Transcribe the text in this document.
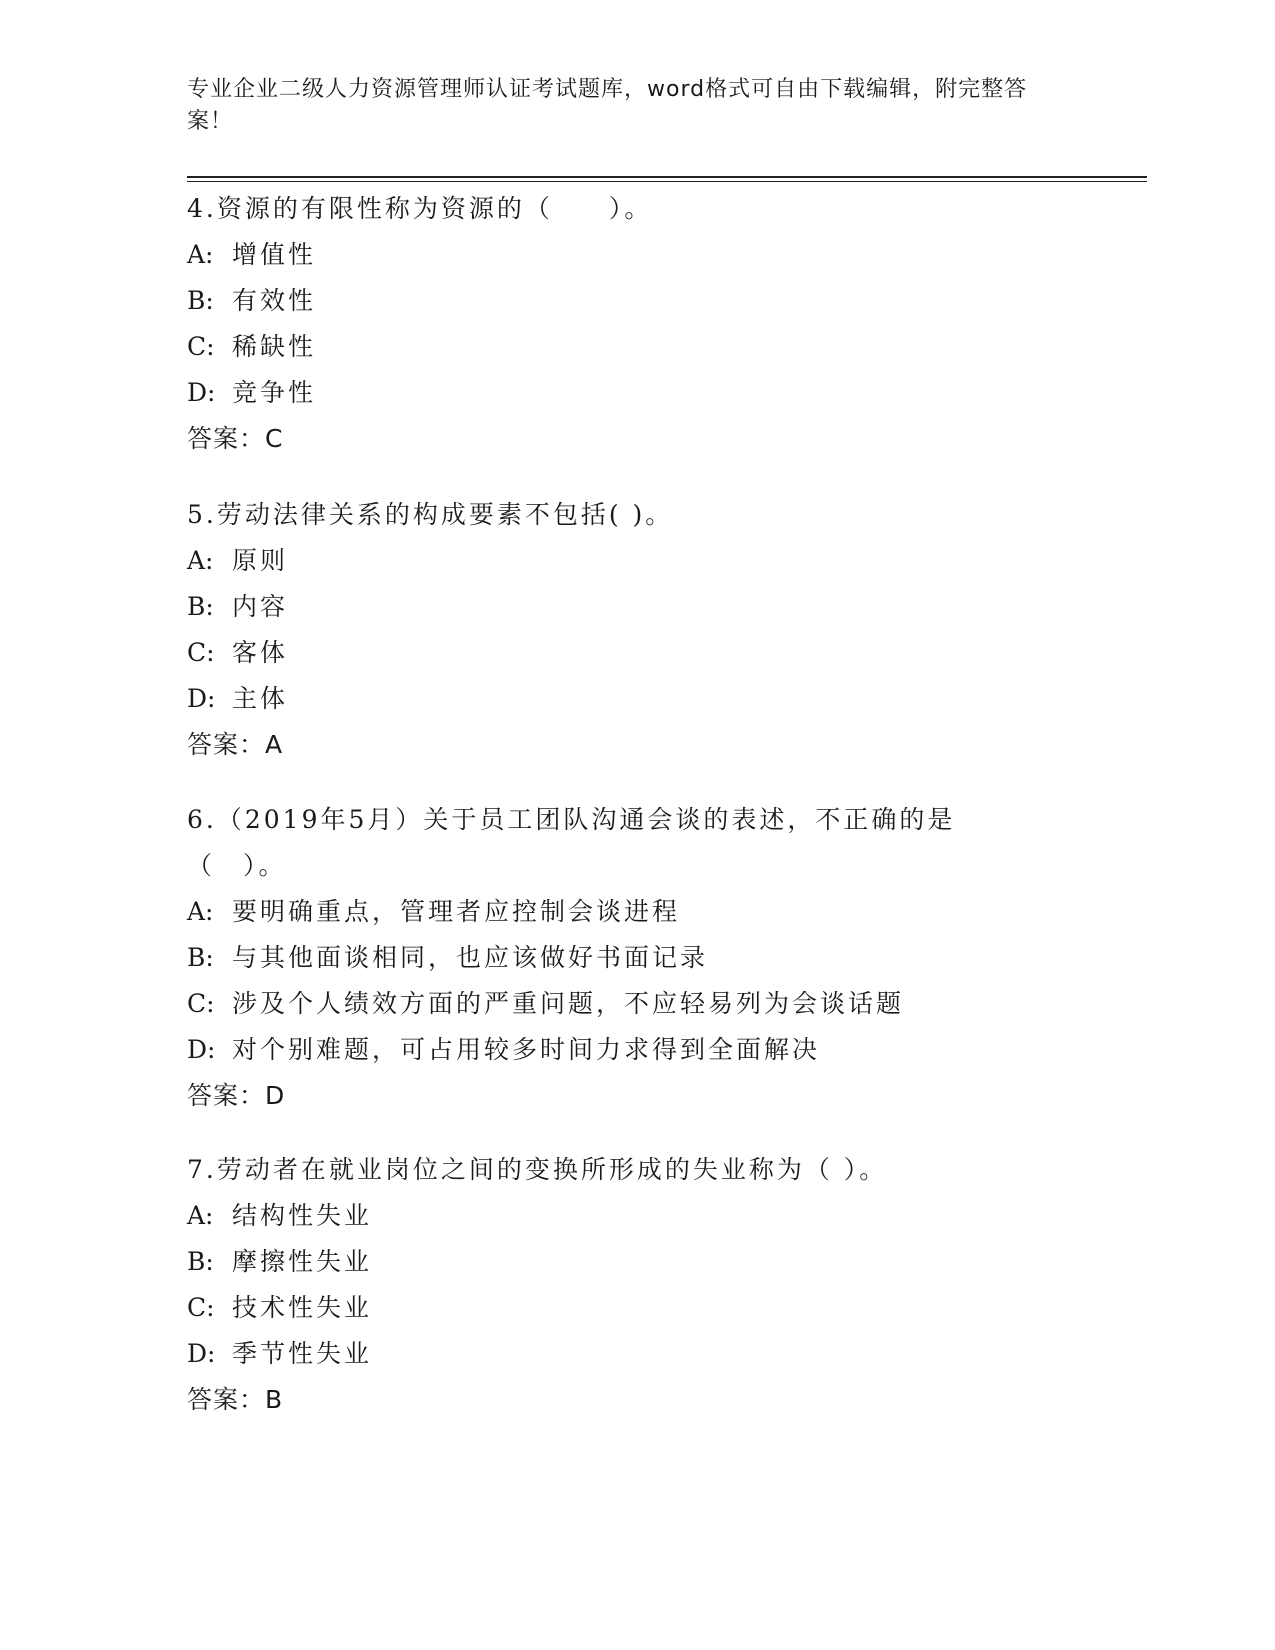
专业企业二级人力资源管理师认证考试题库，word格式可自由下载编辑，附完整答案！
4.资源的有限性称为资源的（　　）。
A: 增值性
B: 有效性
C: 稀缺性
D: 竞争性
答案：C
5.劳动法律关系的构成要素不包括( )。
A: 原则
B: 内容
C: 客体
D: 主体
答案：A
6.（2019年5月）关于员工团队沟通会谈的表述，不正确的是（　）。
A: 要明确重点，管理者应控制会谈进程
B: 与其他面谈相同，也应该做好书面记录
C: 涉及个人绩效方面的严重问题，不应轻易列为会谈话题
D: 对个别难题，可占用较多时间力求得到全面解决
答案：D
7.劳动者在就业岗位之间的变换所形成的失业称为（ ）。
A: 结构性失业
B: 摩擦性失业
C: 技术性失业
D: 季节性失业
答案：B
